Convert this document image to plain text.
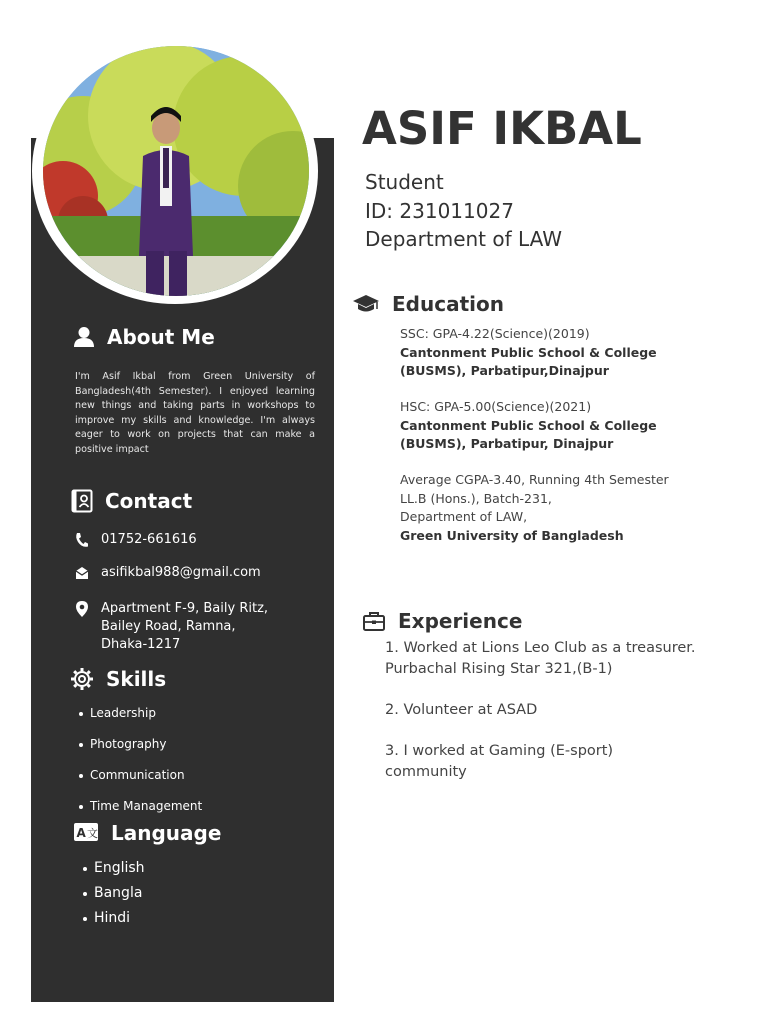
About Me

I'm Asif Ikbal from Green University of Bangladesh(4th Semester). I enjoyed learning new things and taking parts in workshops to improve my skills and knowledge. I'm always eager to work on projects that can make a positive impact

Contact
01752-661616
asifikbal988@gmail.com
Apartment F-9, Baily Ritz,
Bailey Road, Ramna,
Dhaka-1217
Skills
Leadership
Photography
Communication
Time Management
A 文 Language
English
Bangla
Hindi
ASIF IKBAL
Student
ID: 231011027
Department of LAW
Education
SSC: GPA-4.22(Science)(2019)
Cantonment Public School & College
(BUSMS), Parbatipur,Dinajpur
HSC: GPA-5.00(Science)(2021)
Cantonment Public School & College
(BUSMS), Parbatipur, Dinajpur
Average CGPA-3.40, Running 4th Semester
LL.B (Hons.), Batch-231,
Department of LAW,
Green University of Bangladesh
Experience
1. Worked at Lions Leo Club as a treasurer.
Purbachal Rising Star 321,(B-1)
2. Volunteer at ASAD
3. I worked at Gaming (E-sport)
community
